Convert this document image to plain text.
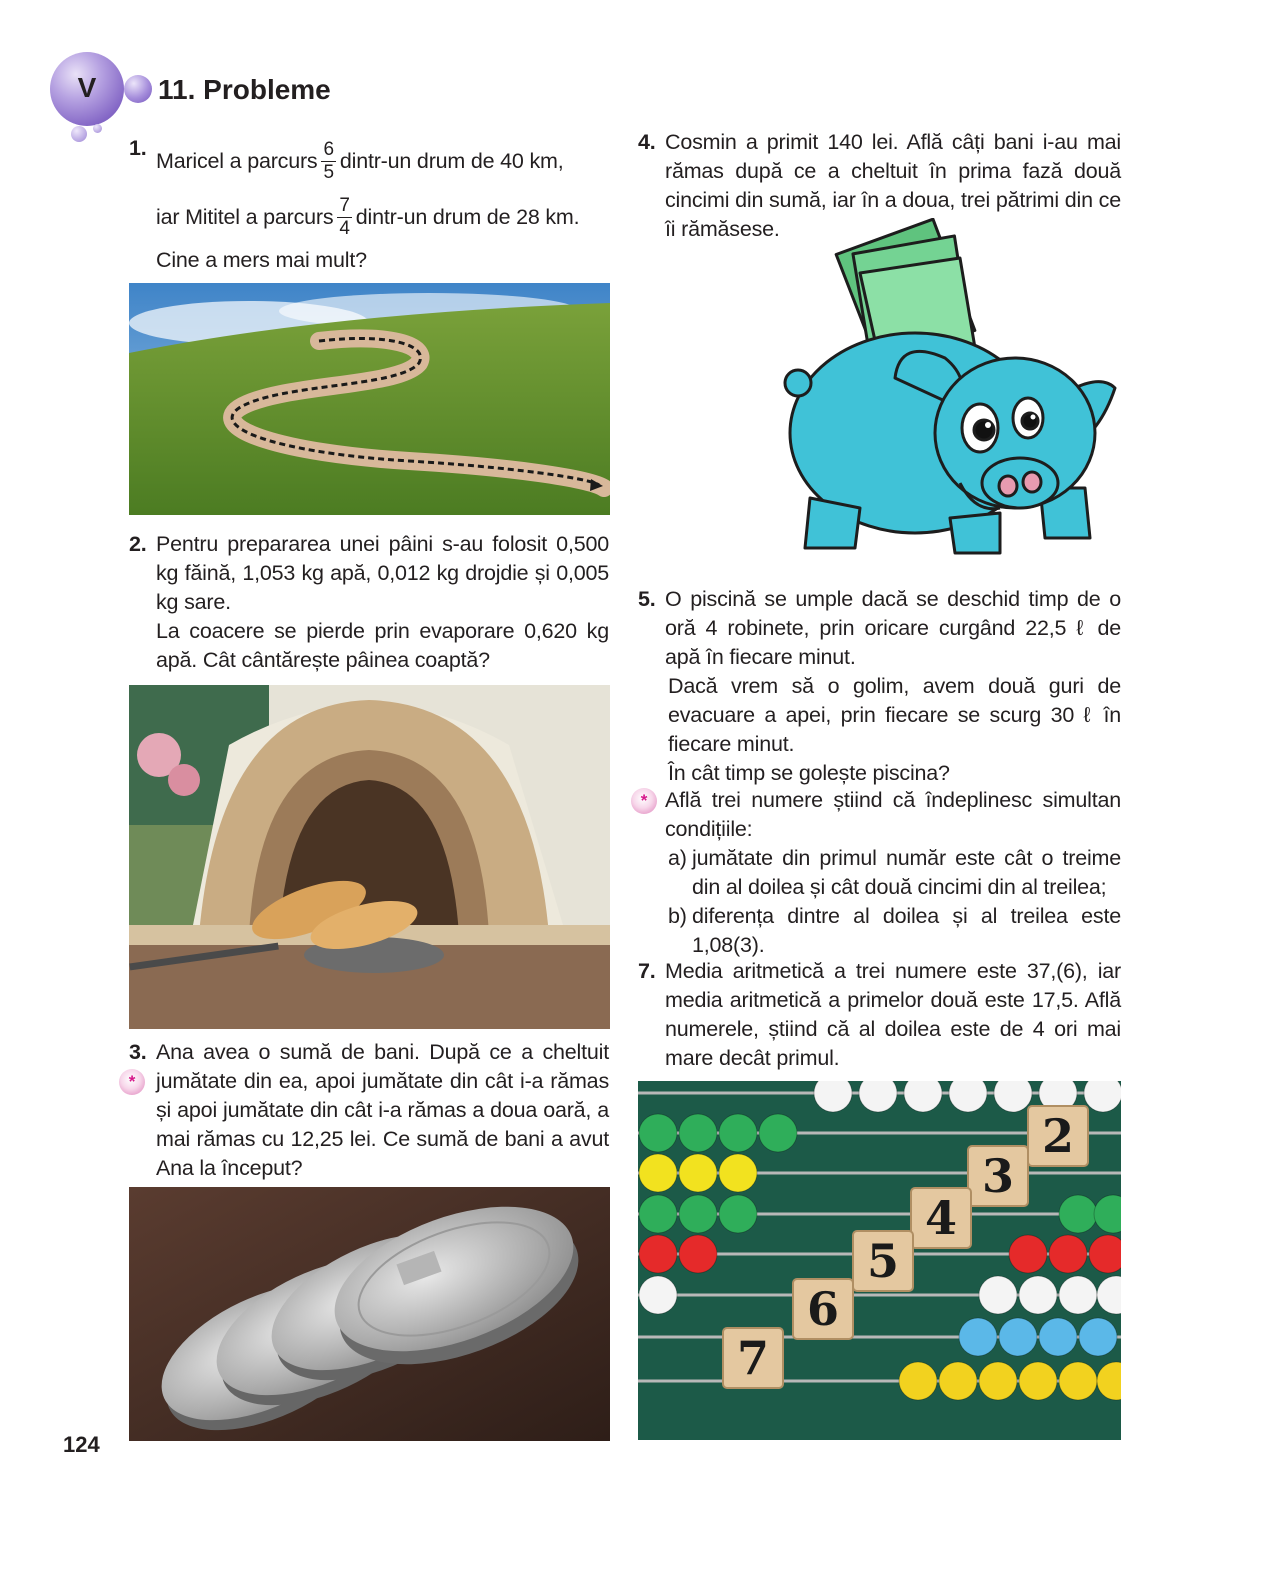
V	11. Probleme
1.
Maricel a parcurs $\frac{6}{5}$ dintr-un drum de 40 km,
iar Mititel a parcurs $\frac{7}{4}$ dintr-un drum de 28 km.
Cine a mers mai mult?
2. Pentru prepararea unei pâini s-au folosit 0,500 kg făină, 1,053 kg apă, 0,012 kg drojdie și 0,005 kg sare.
La coacere se pierde prin evaporare 0,620 kg apă. Cât cântărește pâinea coaptă?
3. Ana avea o sumă de bani. După ce a cheltuit jumătate din ea, apoi jumătate din cât i-a rămas și apoi jumătate din cât i-a rămas a doua oară, a mai rămas cu 12,25 lei. Ce sumă de bani a avut Ana la început?
*
124
4. Cosmin a primit 140 lei. Află câți bani i-au mai rămas după ce a cheltuit în prima fază două cincimi din sumă, iar în a doua, trei pătrimi din ce îi rămăsese.
5. O piscină se umple dacă se deschid timp de o oră 4 robinete, prin oricare curgând 22,5 ℓ de apă în fiecare minut.
Dacă vrem să o golim, avem două guri de evacuare a apei, prin fiecare se scurg 30 ℓ în fiecare minut.
În cât timp se golește piscina?
Află trei numere știind că îndeplinesc simultan condițiile:
a) jumătate din primul număr este cât o treime din al doilea și cât două cincimi din al treilea;
b) diferența dintre al doilea și al treilea este 1,08(3).
*
7. Media aritmetică a trei numere este 37,(6), iar media aritmetică a primelor două este 17,5. Află numerele, știind că al doilea este de 4 ori mai mare decât primul.
2
3
4
5
6
7
